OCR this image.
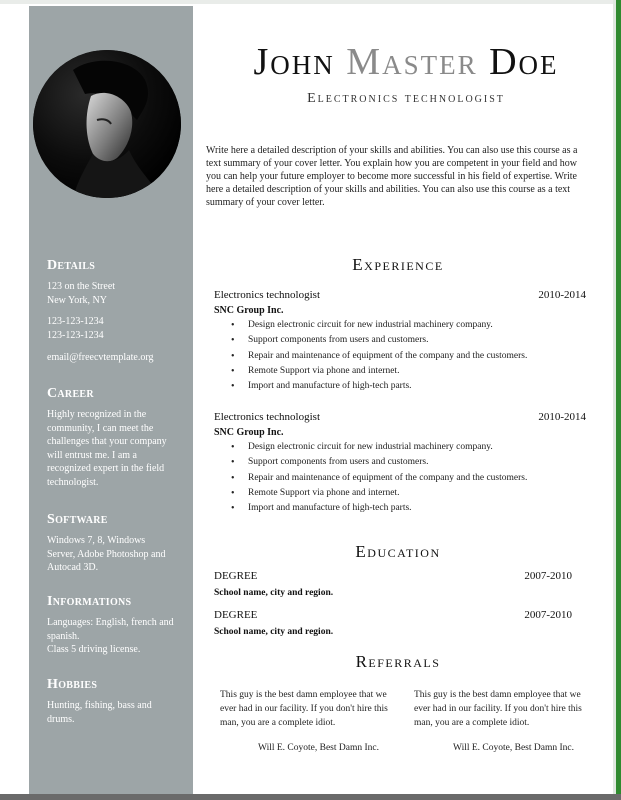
Details

123 on the Street

New York, NY

123-123-1234

123-123-1234

email@freecvtemplate.org

Career

Highly recognized in the community, I can meet the challenges that your company will entrust me. I am a recognized expert in the field technologist.

Software

Windows 7, 8, Windows Server, Adobe Photoshop and Autocad 3D.

Informations

Languages: English, french and spanish.

Class 5 driving license.

Hobbies

Hunting, fishing, bass and drums.

John Master Doe
Electronics technologist
Write here a detailed description of your skills and abilities. You can also use this course as a text summary of your cover letter. You explain how you are competent in your field and how you can help your future employer to become more successful in his field of expertise. Write here a detailed description of your skills and abilities. You can also use this course as a text summary of your cover letter.
Experience
Electronics technologist	2010-2014
SNC Group Inc.
• Design electronic circuit for new industrial machinery company.
• Support components from users and customers.
• Repair and maintenance of equipment of the company and the customers.
• Remote Support via phone and internet.
• Import and manufacture of high-tech parts.
Electronics technologist	2010-2014
SNC Group Inc.
• Design electronic circuit for new industrial machinery company.
• Support components from users and customers.
• Repair and maintenance of equipment of the company and the customers.
• Remote Support via phone and internet.
• Import and manufacture of high-tech parts.
Education
DEGREE	2007-2010
School name, city and region.
DEGREE	2007-2010
School name, city and region.
Referrals
This guy is the best damn employee that we ever had in our facility. If you don't hire this man, you are a complete idiot.
Will E. Coyote, Best Damn Inc.
This guy is the best damn employee that we ever had in our facility. If you don't hire this man, you are a complete idiot.
Will E. Coyote, Best Damn Inc.
